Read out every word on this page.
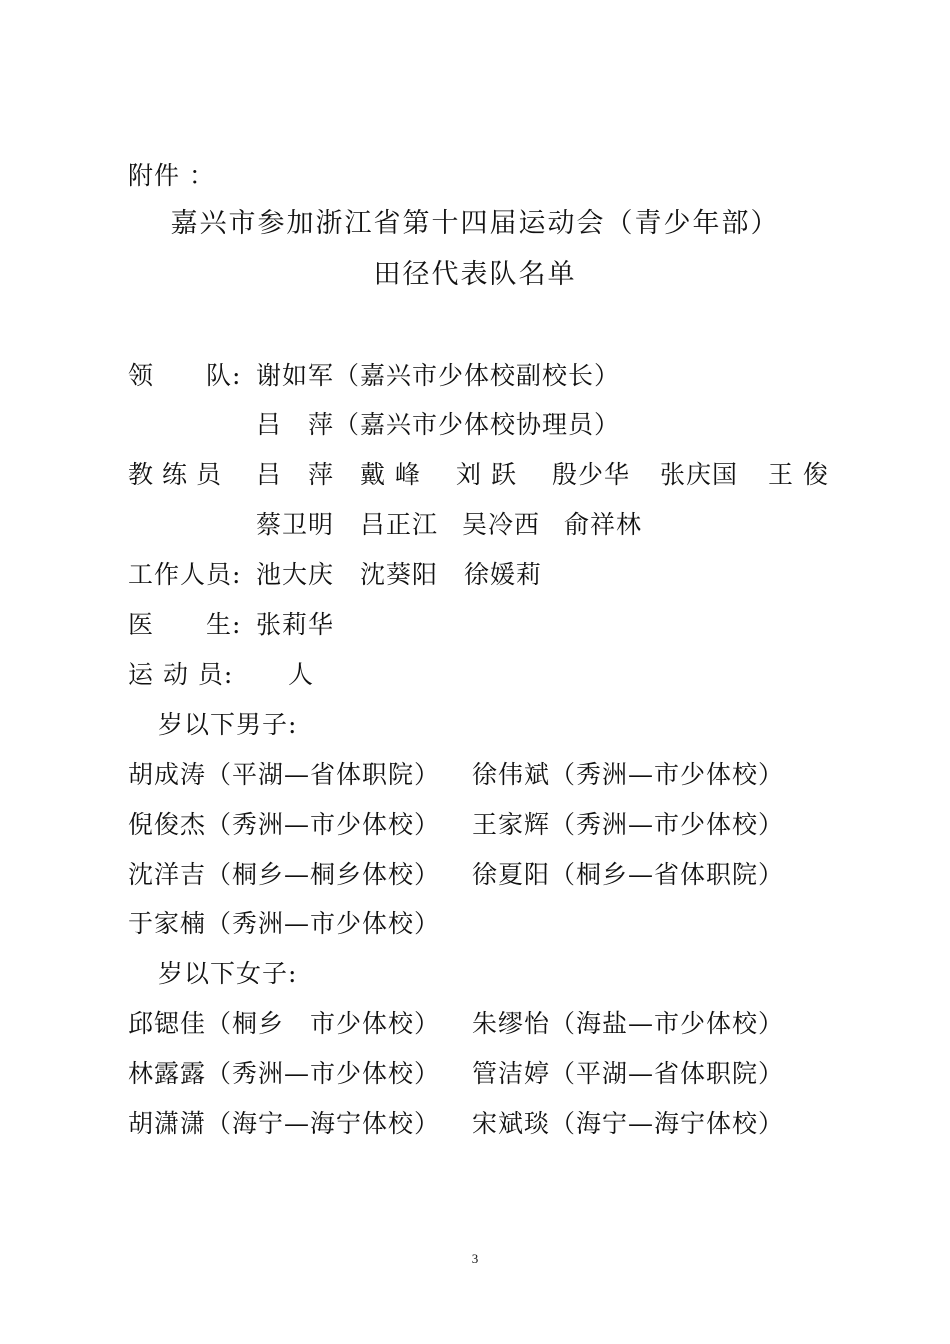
附件 ：
嘉兴市参加浙江省第十四届运动会（青少年部）
田径代表队名单
领　　队: 谢如军（嘉兴市少体校副校长）
吕　萍（嘉兴市少体校协理员）
教练员 吕　萍 戴 峰 刘 跃 殷少华 张庆国 王 俊
蔡卫明 吕正江 吴冷西 俞祥林
工作人员: 池大庆　沈葵阳　徐媛莉
医　　生: 张莉华
运 动 员: 人
岁以下男子:
胡成涛（平湖—省体职院） 徐伟斌（秀洲—市少体校）
倪俊杰（秀洲—市少体校） 王家辉（秀洲—市少体校）
沈洋吉（桐乡—桐乡体校） 徐夏阳（桐乡—省体职院）
于家楠（秀洲—市少体校）
岁以下女子:
邱锶佳（桐乡　市少体校） 朱缪怡（海盐—市少体校）
林露露（秀洲—市少体校） 管洁婷（平湖—省体职院）
胡潇潇（海宁—海宁体校） 宋斌琰（海宁—海宁体校）
3
